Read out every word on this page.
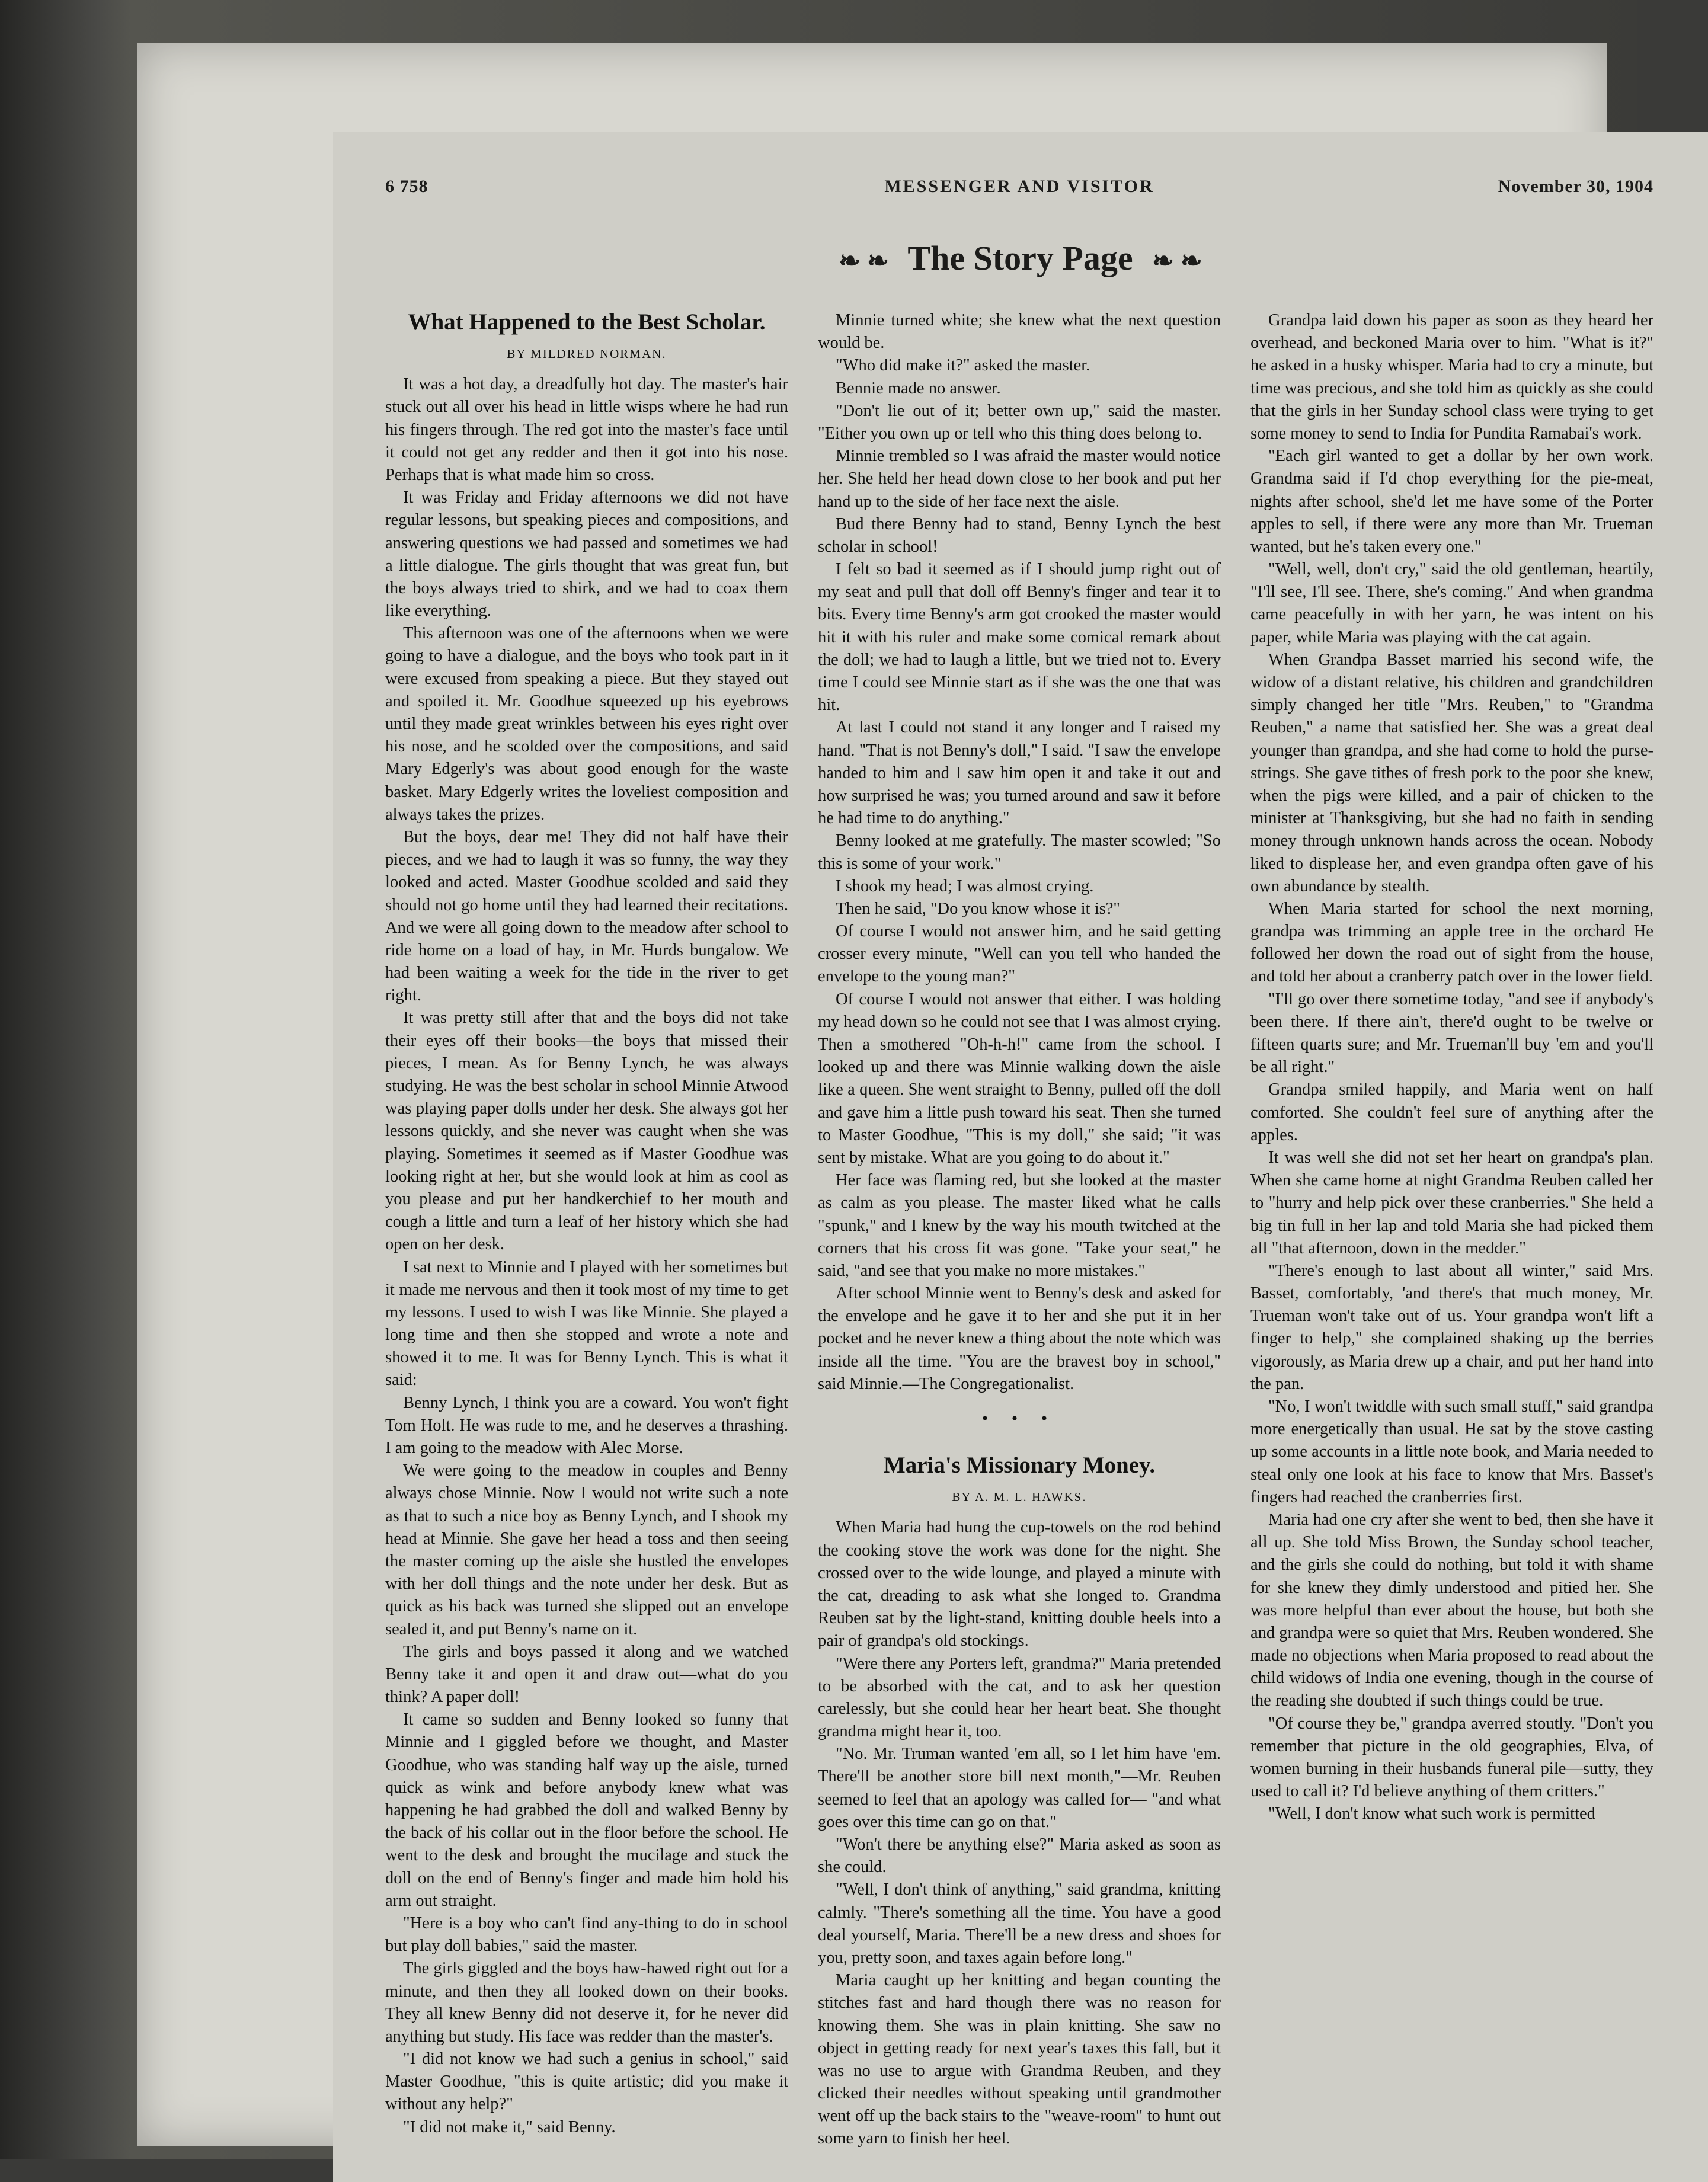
6 758	MESSENGER AND VISITOR	November 30, 1904
❧ ❧ The Story Page ❧ ❧
What Happened to the Best Scholar.
BY MILDRED NORMAN.

It was a hot day, a dreadfully hot day. The master's hair stuck out all over his head in little wisps where he had run his fingers through. The red got into the master's face until it could not get any redder and then it got into his nose. Perhaps that is what made him so cross.

It was Friday and Friday afternoons we did not have regular lessons, but speaking pieces and compositions, and answering questions we had passed and sometimes we had a little dialogue. The girls thought that was great fun, but the boys always tried to shirk, and we had to coax them like everything.

This afternoon was one of the afternoons when we were going to have a dialogue, and the boys who took part in it were excused from speaking a piece. But they stayed out and spoiled it. Mr. Goodhue squeezed up his eyebrows until they made great wrinkles between his eyes right over his nose, and he scolded over the compositions, and said Mary Edgerly's was about good enough for the waste basket. Mary Edgerly writes the loveliest composition and always takes the prizes.

But the boys, dear me! They did not half have their pieces, and we had to laugh it was so funny, the way they looked and acted. Master Goodhue scolded and said they should not go home until they had learned their recitations. And we were all going down to the meadow after school to ride home on a load of hay, in Mr. Hurds bungalow. We had been waiting a week for the tide in the river to get right.

It was pretty still after that and the boys did not take their eyes off their books—the boys that missed their pieces, I mean. As for Benny Lynch, he was always studying. He was the best scholar in school Minnie Atwood was playing paper dolls under her desk. She always got her lessons quickly, and she never was caught when she was playing. Sometimes it seemed as if Master Goodhue was looking right at her, but she would look at him as cool as you please and put her handkerchief to her mouth and cough a little and turn a leaf of her history which she had open on her desk.

I sat next to Minnie and I played with her sometimes but it made me nervous and then it took most of my time to get my lessons. I used to wish I was like Minnie. She played a long time and then she stopped and wrote a note and showed it to me. It was for Benny Lynch. This is what it said:

Benny Lynch, I think you are a coward. You won't fight Tom Holt. He was rude to me, and he deserves a thrashing. I am going to the meadow with Alec Morse.

We were going to the meadow in couples and Benny always chose Minnie. Now I would not write such a note as that to such a nice boy as Benny Lynch, and I shook my head at Minnie. She gave her head a toss and then seeing the master coming up the aisle she hustled the envelopes with her doll things and the note under her desk. But as quick as his back was turned she slipped out an envelope sealed it, and put Benny's name on it.

The girls and boys passed it along and we watched Benny take it and open it and draw out—what do you think? A paper doll!

It came so sudden and Benny looked so funny that Minnie and I giggled before we thought, and Master Goodhue, who was standing half way up the aisle, turned quick as wink and before anybody knew what was happening he had grabbed the doll and walked Benny by the back of his collar out in the floor before the school. He went to the desk and brought the mucilage and stuck the doll on the end of Benny's finger and made him hold his arm out straight.

"Here is a boy who can't find any-thing to do in school but play doll babies," said the master.

The girls giggled and the boys haw-hawed right out for a minute, and then they all looked down on their books. They all knew Benny did not deserve it, for he never did anything but study. His face was redder than the master's.

"I did not know we had such a genius in school," said Master Goodhue, "this is quite artistic; did you make it without any help?"

"I did not make it," said Benny.

Minnie turned white; she knew what the next question would be.

"Who did make it?" asked the master.

Bennie made no answer.

"Don't lie out of it; better own up," said the master. "Either you own up or tell who this thing does belong to.

Minnie trembled so I was afraid the master would notice her. She held her head down close to her book and put her hand up to the side of her face next the aisle.

Bud there Benny had to stand, Benny Lynch the best scholar in school!

I felt so bad it seemed as if I should jump right out of my seat and pull that doll off Benny's finger and tear it to bits. Every time Benny's arm got crooked the master would hit it with his ruler and make some comical remark about the doll; we had to laugh a little, but we tried not to. Every time I could see Minnie start as if she was the one that was hit.

At last I could not stand it any longer and I raised my hand. "That is not Benny's doll," I said. "I saw the envelope handed to him and I saw him open it and take it out and how surprised he was; you turned around and saw it before he had time to do anything."

Benny looked at me gratefully. The master scowled; "So this is some of your work."

I shook my head; I was almost crying.

Then he said, "Do you know whose it is?"

Of course I would not answer him, and he said getting crosser every minute, "Well can you tell who handed the envelope to the young man?"

Of course I would not answer that either. I was holding my head down so he could not see that I was almost crying. Then a smothered "Oh-h-h!" came from the school. I looked up and there was Minnie walking down the aisle like a queen. She went straight to Benny, pulled off the doll and gave him a little push toward his seat. Then she turned to Master Goodhue, "This is my doll," she said; "it was sent by mistake. What are you going to do about it."

Her face was flaming red, but she looked at the master as calm as you please. The master liked what he calls "spunk," and I knew by the way his mouth twitched at the corners that his cross fit was gone. "Take your seat," he said, "and see that you make no more mistakes."

After school Minnie went to Benny's desk and asked for the envelope and he gave it to her and she put it in her pocket and he never knew a thing about the note which was inside all the time. "You are the bravest boy in school," said Minnie.—The Congregationalist.

• • •
Maria's Missionary Money.
BY A. M. L. HAWKS.

When Maria had hung the cup-towels on the rod behind the cooking stove the work was done for the night. She crossed over to the wide lounge, and played a minute with the cat, dreading to ask what she longed to. Grandma Reuben sat by the light-stand, knitting double heels into a pair of grandpa's old stockings.

"Were there any Porters left, grandma?" Maria pretended to be absorbed with the cat, and to ask her question carelessly, but she could hear her heart beat. She thought grandma might hear it, too.

"No. Mr. Truman wanted 'em all, so I let him have 'em. There'll be another store bill next month,"—Mr. Reuben seemed to feel that an apology was called for— "and what goes over this time can go on that."

"Won't there be anything else?" Maria asked as soon as she could.

"Well, I don't think of anything," said grandma, knitting calmly. "There's something all the time. You have a good deal yourself, Maria. There'll be a new dress and shoes for you, pretty soon, and taxes again before long."

Maria caught up her knitting and began counting the stitches fast and hard though there was no reason for knowing them. She was in plain knitting. She saw no object in getting ready for next year's taxes this fall, but it was no use to argue with Grandma Reuben, and they clicked their needles without speaking until grandmother went off up the back stairs to the "weave-room" to hunt out some yarn to finish her heel.

Grandpa laid down his paper as soon as they heard her overhead, and beckoned Maria over to him. "What is it?" he asked in a husky whisper. Maria had to cry a minute, but time was precious, and she told him as quickly as she could that the girls in her Sunday school class were trying to get some money to send to India for Pundita Ramabai's work.

"Each girl wanted to get a dollar by her own work. Grandma said if I'd chop everything for the pie-meat, nights after school, she'd let me have some of the Porter apples to sell, if there were any more than Mr. Trueman wanted, but he's taken every one."

"Well, well, don't cry," said the old gentleman, heartily, "I'll see, I'll see. There, she's coming." And when grandma came peacefully in with her yarn, he was intent on his paper, while Maria was playing with the cat again.

When Grandpa Basset married his second wife, the widow of a distant relative, his children and grandchildren simply changed her title "Mrs. Reuben," to "Grandma Reuben," a name that satisfied her. She was a great deal younger than grandpa, and she had come to hold the purse-strings. She gave tithes of fresh pork to the poor she knew, when the pigs were killed, and a pair of chicken to the minister at Thanksgiving, but she had no faith in sending money through unknown hands across the ocean. Nobody liked to displease her, and even grandpa often gave of his own abundance by stealth.

When Maria started for school the next morning, grandpa was trimming an apple tree in the orchard He followed her down the road out of sight from the house, and told her about a cranberry patch over in the lower field.

"I'll go over there sometime today, "and see if anybody's been there. If there ain't, there'd ought to be twelve or fifteen quarts sure; and Mr. Trueman'll buy 'em and you'll be all right."

Grandpa smiled happily, and Maria went on half comforted. She couldn't feel sure of anything after the apples.

It was well she did not set her heart on grandpa's plan. When she came home at night Grandma Reuben called her to "hurry and help pick over these cranberries." She held a big tin full in her lap and told Maria she had picked them all "that afternoon, down in the medder."

"There's enough to last about all winter," said Mrs. Basset, comfortably, 'and there's that much money, Mr. Trueman won't take out of us. Your grandpa won't lift a finger to help," she complained shaking up the berries vigorously, as Maria drew up a chair, and put her hand into the pan.

"No, I won't twiddle with such small stuff," said grandpa more energetically than usual. He sat by the stove casting up some accounts in a little note book, and Maria needed to steal only one look at his face to know that Mrs. Basset's fingers had reached the cranberries first.

Maria had one cry after she went to bed, then she have it all up. She told Miss Brown, the Sunday school teacher, and the girls she could do nothing, but told it with shame for she knew they dimly understood and pitied her. She was more helpful than ever about the house, but both she and grandpa were so quiet that Mrs. Reuben wondered. She made no objections when Maria proposed to read about the child widows of India one evening, though in the course of the reading she doubted if such things could be true.

"Of course they be," grandpa averred stoutly. "Don't you remember that picture in the old geographies, Elva, of women burning in their husbands funeral pile—sutty, they used to call it? I'd believe anything of them critters."

"Well, I don't know what such work is permitted
